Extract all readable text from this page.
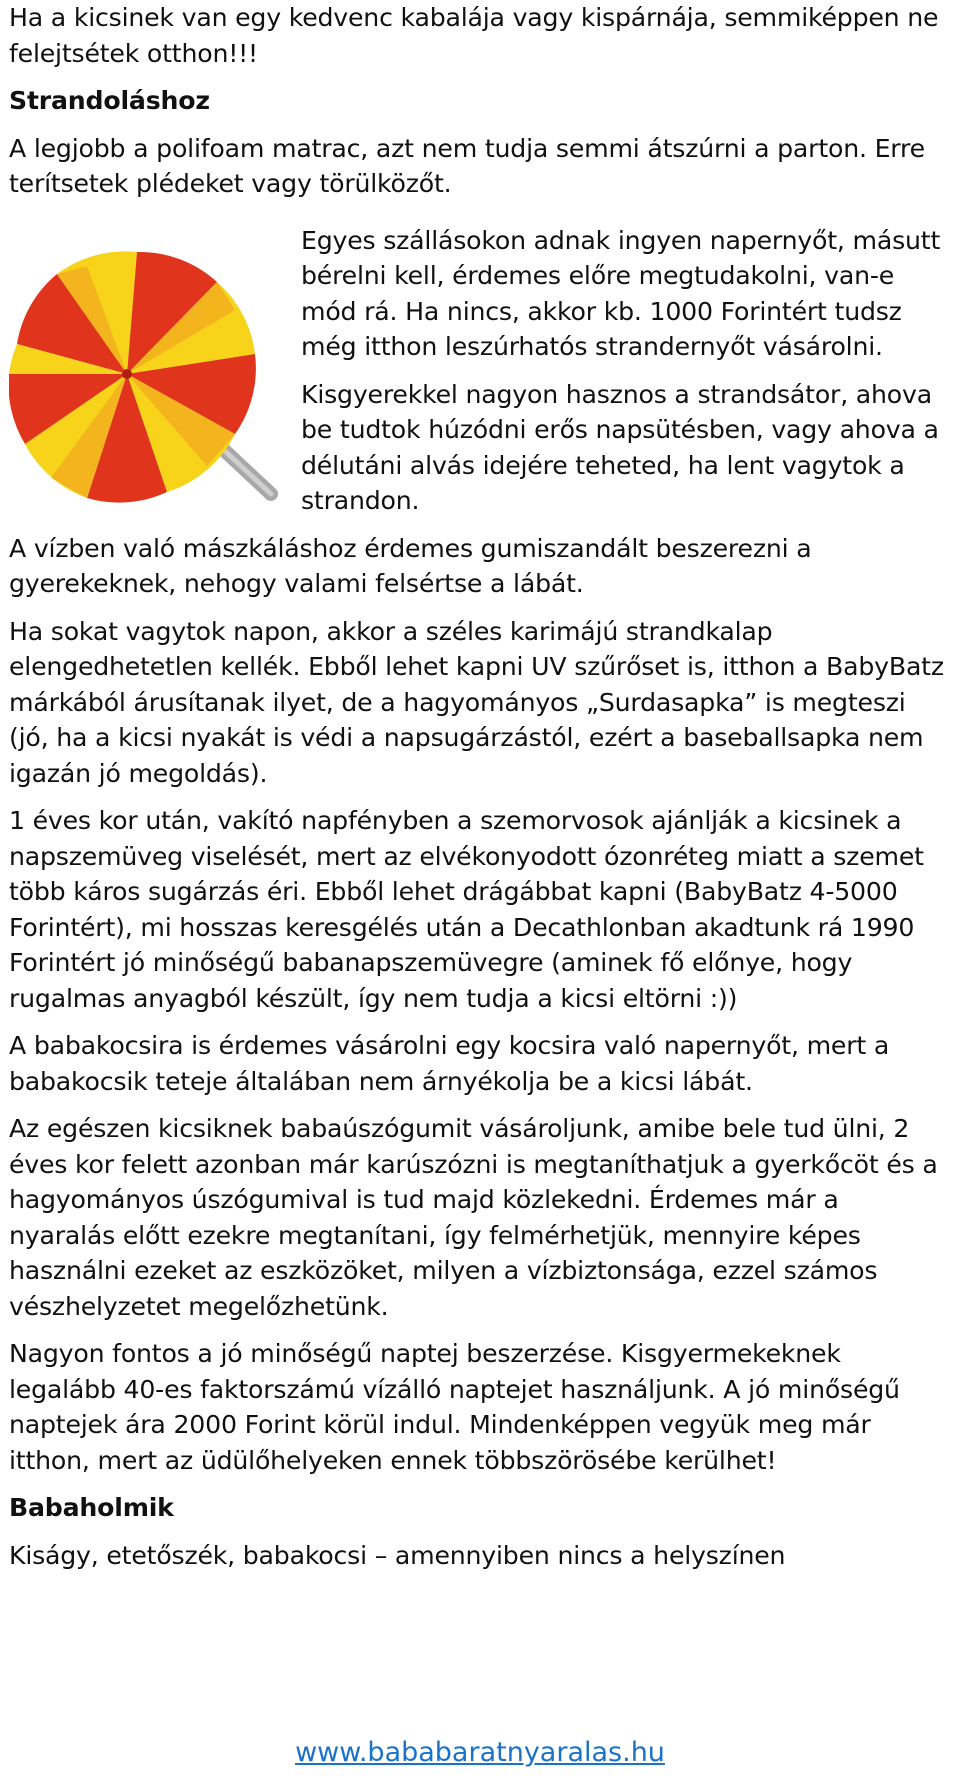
Ha a kicsinek van egy kedvenc kabalája vagy kispárnája, semmiképpen ne felejtsétek otthon!!!

Strandoláshoz

A legjobb a polifoam matrac, azt nem tudja semmi átszúrni a parton. Erre terítsetek plédeket vagy törülközőt.

Egyes szállásokon adnak ingyen napernyőt, másutt bérelni kell, érdemes előre megtudakolni, van-e mód rá. Ha nincs, akkor kb. 1000 Forintért tudsz még itthon leszúrhatós strandernyőt vásárolni.

Kisgyerekkel nagyon hasznos a strandsátor, ahova be tudtok húzódni erős napsütésben, vagy ahova a délutáni alvás idejére teheted, ha lent vagytok a strandon.

A vízben való mászkáláshoz érdemes gumiszandált beszerezni a gyerekeknek, nehogy valami felsértse a lábát.

Ha sokat vagytok napon, akkor a széles karimájú strandkalap elengedhetetlen kellék. Ebből lehet kapni UV szűrőset is, itthon a BabyBatz márkából árusítanak ilyet, de a hagyományos „Surdasapka” is megteszi (jó, ha a kicsi nyakát is védi a napsugárzástól, ezért a baseballsapka nem igazán jó megoldás).

1 éves kor után, vakító napfényben a szemorvosok ajánlják a kicsinek a napszemüveg viselését, mert az elvékonyodott ózonréteg miatt a szemet több káros sugárzás éri. Ebből lehet drágábbat kapni (BabyBatz 4-5000 Forintért), mi hosszas keresgélés után a Decathlonban akadtunk rá 1990 Forintért jó minőségű babanapszemüvegre (aminek fő előnye, hogy rugalmas anyagból készült, így nem tudja a kicsi eltörni :))

A babakocsira is érdemes vásárolni egy kocsira való napernyőt, mert a babakocsik teteje általában nem árnyékolja be a kicsi lábát.

Az egészen kicsiknek babaúszógumit vásároljunk, amibe bele tud ülni, 2 éves kor felett azonban már karúszózni is megtaníthatjuk a gyerkőcöt és a hagyományos úszógumival is tud majd közlekedni. Érdemes már a nyaralás előtt ezekre megtanítani, így felmérhetjük, mennyire képes használni ezeket az eszközöket, milyen a vízbiztonsága, ezzel számos vészhelyzetet megelőzhetünk.

Nagyon fontos a jó minőségű naptej beszerzése. Kisgyermekeknek legalább 40-es faktorszámú vízálló naptejet használjunk. A jó minőségű naptejek ára 2000 Forint körül indul. Mindenképpen vegyük meg már itthon, mert az üdülőhelyeken ennek többszörösébe kerülhet!

Babaholmik

Kiságy, etetőszék, babakocsi – amennyiben nincs a helyszínen

www.bababaratnyaralas.hu
